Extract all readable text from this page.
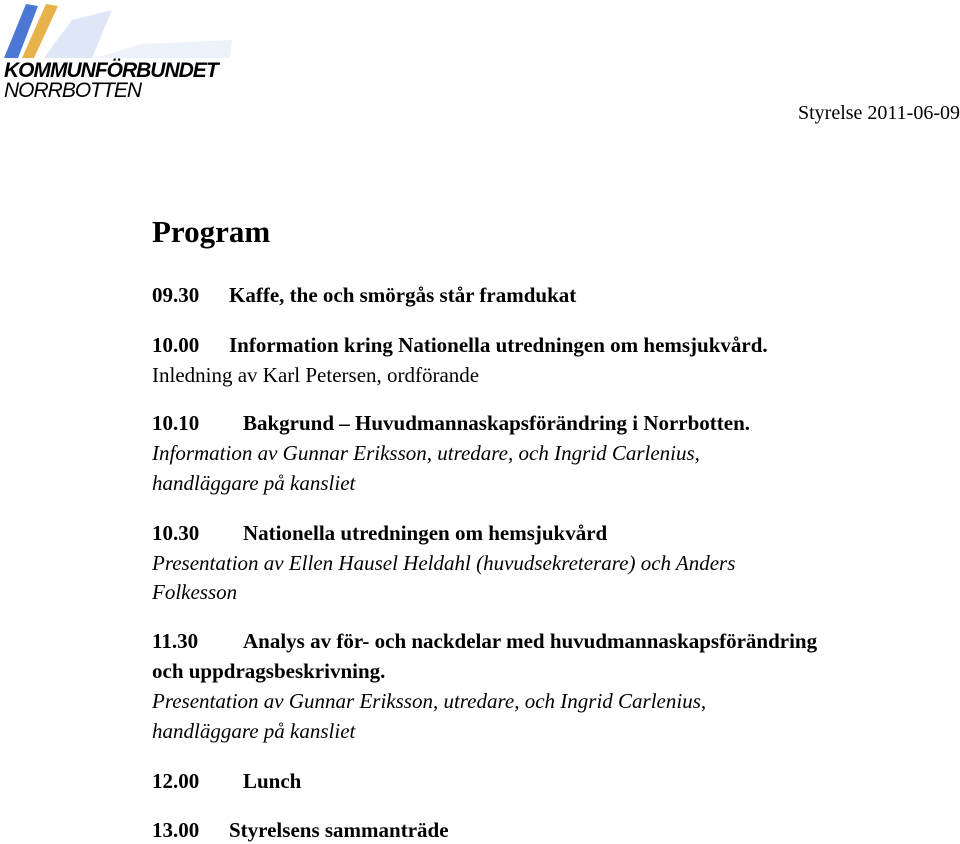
KOMMUNFÖRBUNDET

NORRBOTTEN

Styrelse 2011-06-09
Program

09.30 Kaffe, the och smörgås står framdukat

10.00 Information kring Nationella utredningen om hemsjukvård.

Inledning av Karl Petersen, ordförande

10.10 Bakgrund – Huvudmannaskapsförändring i Norrbotten.

Information av Gunnar Eriksson, utredare, och Ingrid Carlenius,

handläggare på kansliet

10.30 Nationella utredningen om hemsjukvård

Presentation av Ellen Hausel Heldahl (huvudsekreterare) och Anders

Folkesson

11.30 Analys av för- och nackdelar med huvudmannaskapsförändring

och uppdragsbeskrivning.

Presentation av Gunnar Eriksson, utredare, och Ingrid Carlenius,

handläggare på kansliet

12.00 Lunch

13.00 Styrelsens sammanträde
